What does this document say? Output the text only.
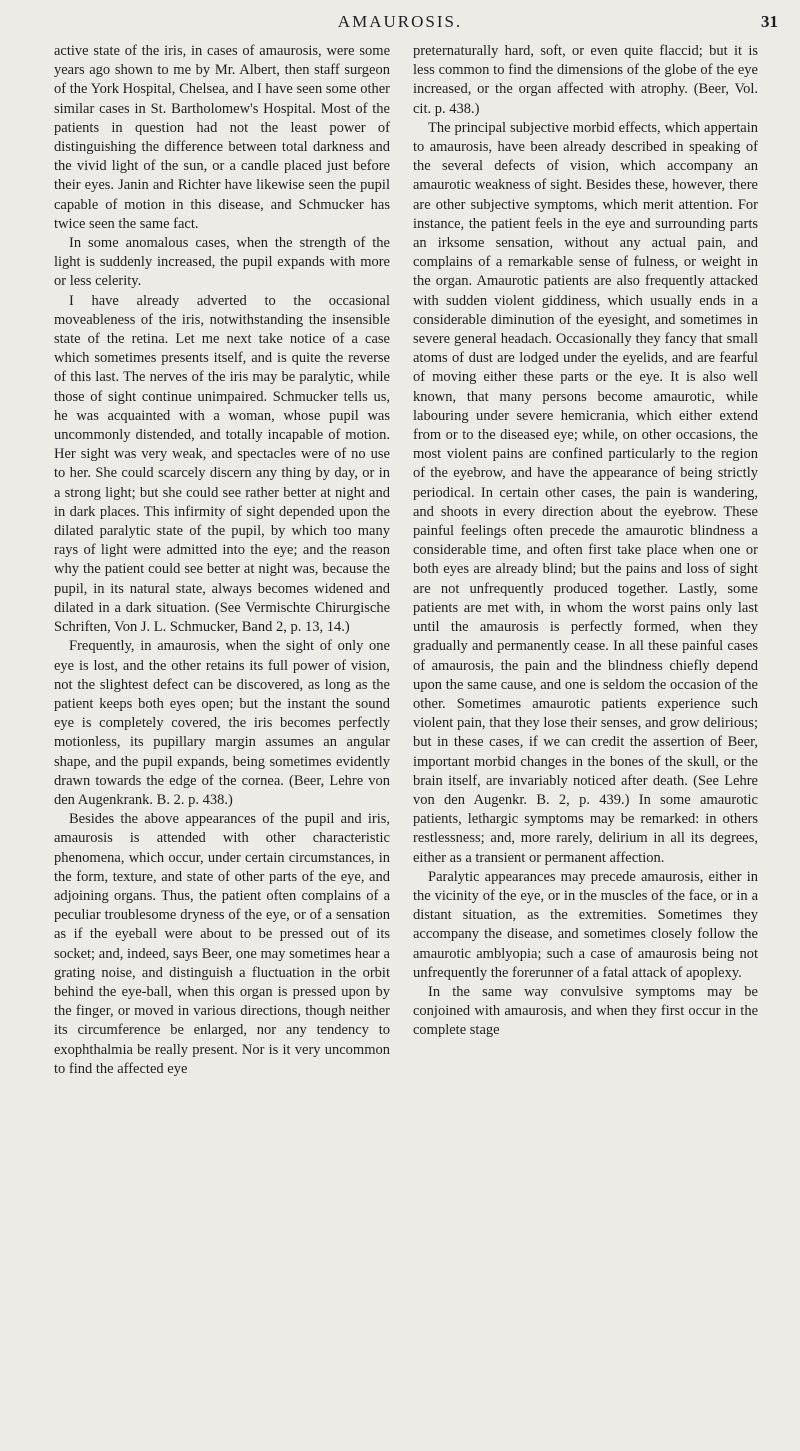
AMAUROSIS.	31

active state of the iris, in cases of amaurosis, were some years ago shown to me by Mr. Albert, then staff surgeon of the York Hospital, Chelsea, and I have seen some other similar cases in St. Bartholomew's Hospital. Most of the patients in question had not the least power of distinguishing the difference between total darkness and the vivid light of the sun, or a candle placed just before their eyes. Janin and Richter have likewise seen the pupil capable of motion in this disease, and Schmucker has twice seen the same fact.

In some anomalous cases, when the strength of the light is suddenly increased, the pupil expands with more or less celerity.

I have already adverted to the occasional moveableness of the iris, notwithstanding the insensible state of the retina. Let me next take notice of a case which sometimes presents itself, and is quite the reverse of this last. The nerves of the iris may be paralytic, while those of sight continue unimpaired. Schmucker tells us, he was acquainted with a woman, whose pupil was uncommonly distended, and totally incapable of motion. Her sight was very weak, and spectacles were of no use to her. She could scarcely discern any thing by day, or in a strong light; but she could see rather better at night and in dark places. This infirmity of sight depended upon the dilated paralytic state of the pupil, by which too many rays of light were admitted into the eye; and the reason why the patient could see better at night was, because the pupil, in its natural state, always becomes widened and dilated in a dark situation. (See Vermischte Chirurgische Schriften, Von J. L. Schmucker, Band 2, p. 13, 14.)

Frequently, in amaurosis, when the sight of only one eye is lost, and the other retains its full power of vision, not the slightest defect can be discovered, as long as the patient keeps both eyes open; but the instant the sound eye is completely covered, the iris becomes perfectly motionless, its pupillary margin assumes an angular shape, and the pupil expands, being sometimes evidently drawn towards the edge of the cornea. (Beer, Lehre von den Augenkrank. B. 2. p. 438.)

Besides the above appearances of the pupil and iris, amaurosis is attended with other characteristic phenomena, which occur, under certain circumstances, in the form, texture, and state of other parts of the eye, and adjoining organs. Thus, the patient often complains of a peculiar troublesome dryness of the eye, or of a sensation as if the eyeball were about to be pressed out of its socket; and, indeed, says Beer, one may sometimes hear a grating noise, and distinguish a fluctuation in the orbit behind the eye-ball, when this organ is pressed upon by the finger, or moved in various directions, though neither its circumference be enlarged, nor any tendency to exophthalmia be really present. Nor is it very uncommon to find the affected eye

preternaturally hard, soft, or even quite flaccid; but it is less common to find the dimensions of the globe of the eye increased, or the organ affected with atrophy. (Beer, Vol. cit. p. 438.)

The principal subjective morbid effects, which appertain to amaurosis, have been already described in speaking of the several defects of vision, which accompany an amaurotic weakness of sight. Besides these, however, there are other subjective symptoms, which merit attention. For instance, the patient feels in the eye and surrounding parts an irksome sensation, without any actual pain, and complains of a remarkable sense of fulness, or weight in the organ. Amaurotic patients are also frequently attacked with sudden violent giddiness, which usually ends in a considerable diminution of the eyesight, and sometimes in severe general headach. Occasionally they fancy that small atoms of dust are lodged under the eyelids, and are fearful of moving either these parts or the eye. It is also well known, that many persons become amaurotic, while labouring under severe hemicrania, which either extend from or to the diseased eye; while, on other occasions, the most violent pains are confined particularly to the region of the eyebrow, and have the appearance of being strictly periodical. In certain other cases, the pain is wandering, and shoots in every direction about the eyebrow. These painful feelings often precede the amaurotic blindness a considerable time, and often first take place when one or both eyes are already blind; but the pains and loss of sight are not unfrequently produced together. Lastly, some patients are met with, in whom the worst pains only last until the amaurosis is perfectly formed, when they gradually and permanently cease. In all these painful cases of amaurosis, the pain and the blindness chiefly depend upon the same cause, and one is seldom the occasion of the other. Sometimes amaurotic patients experience such violent pain, that they lose their senses, and grow delirious; but in these cases, if we can credit the assertion of Beer, important morbid changes in the bones of the skull, or the brain itself, are invariably noticed after death. (See Lehre von den Augenkr. B. 2, p. 439.) In some amaurotic patients, lethargic symptoms may be remarked: in others restlessness; and, more rarely, delirium in all its degrees, either as a transient or permanent affection.

Paralytic appearances may precede amaurosis, either in the vicinity of the eye, or in the muscles of the face, or in a distant situation, as the extremities. Sometimes they accompany the disease, and sometimes closely follow the amaurotic amblyopia; such a case of amaurosis being not unfrequently the forerunner of a fatal attack of apoplexy.

In the same way convulsive symptoms may be conjoined with amaurosis, and when they first occur in the complete stage
